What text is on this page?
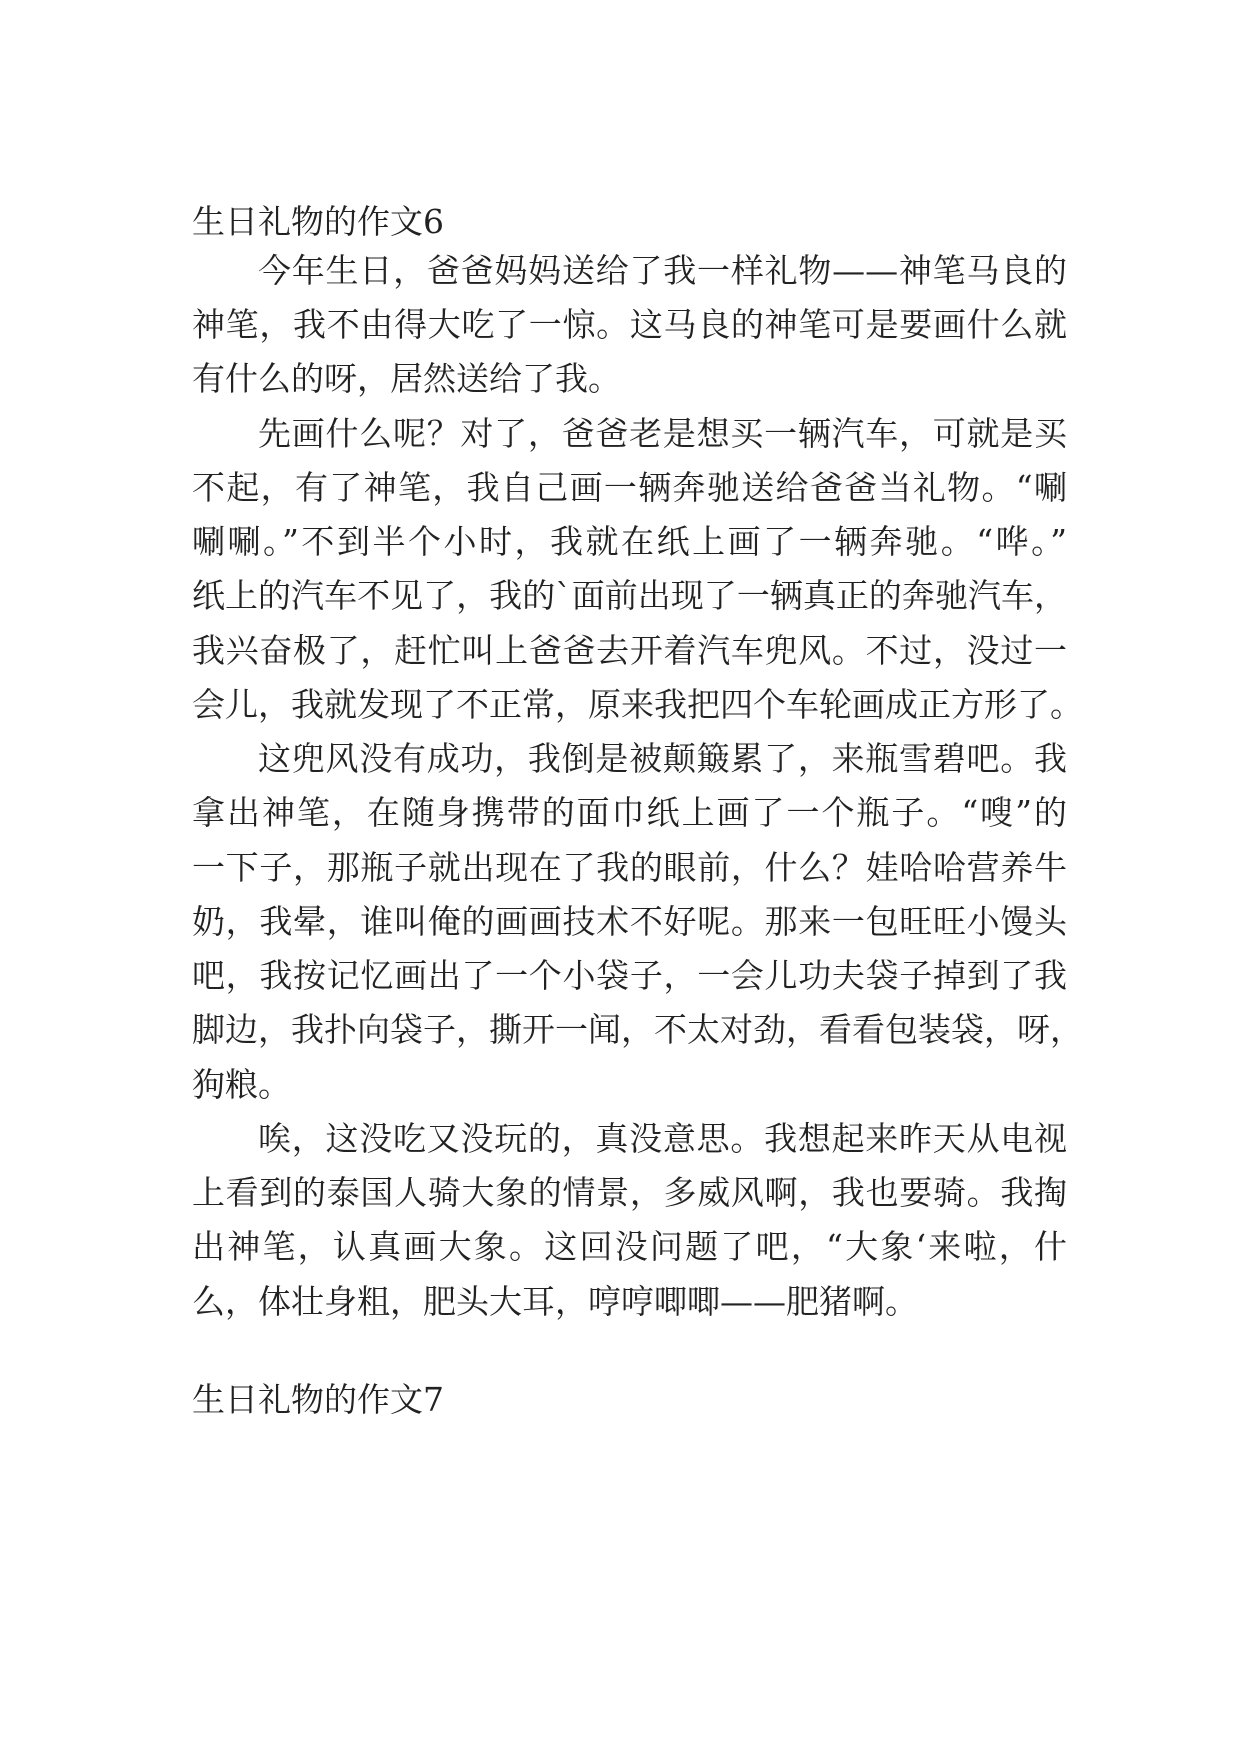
生日礼物的作文6

今年生日，爸爸妈妈送给了我一样礼物——神笔马良的

神笔，我不由得大吃了一惊。这马良的神笔可是要画什么就

有什么的呀，居然送给了我。

先画什么呢？对了，爸爸老是想买一辆汽车，可就是买

不起，有了神笔，我自己画一辆奔驰送给爸爸当礼物。“唰

唰唰。”不到半个小时，我就在纸上画了一辆奔驰。“哗。”

纸上的汽车不见了，我的`面前出现了一辆真正的奔驰汽车，

我兴奋极了，赶忙叫上爸爸去开着汽车兜风。不过，没过一

会儿，我就发现了不正常，原来我把四个车轮画成正方形了。

这兜风没有成功，我倒是被颠簸累了，来瓶雪碧吧。我

拿出神笔，在随身携带的面巾纸上画了一个瓶子。“嗖”的

一下子，那瓶子就出现在了我的眼前，什么？娃哈哈营养牛

奶，我晕，谁叫俺的画画技术不好呢。那来一包旺旺小馒头

吧，我按记忆画出了一个小袋子，一会儿功夫袋子掉到了我

脚边，我扑向袋子，撕开一闻，不太对劲，看看包装袋，呀，

狗粮。

唉，这没吃又没玩的，真没意思。我想起来昨天从电视

上看到的泰国人骑大象的情景，多威风啊，我也要骑。我掏

出神笔，认真画大象。这回没问题了吧，“大象‘来啦，什

么，体壮身粗，肥头大耳，哼哼唧唧——肥猪啊。

生日礼物的作文7
